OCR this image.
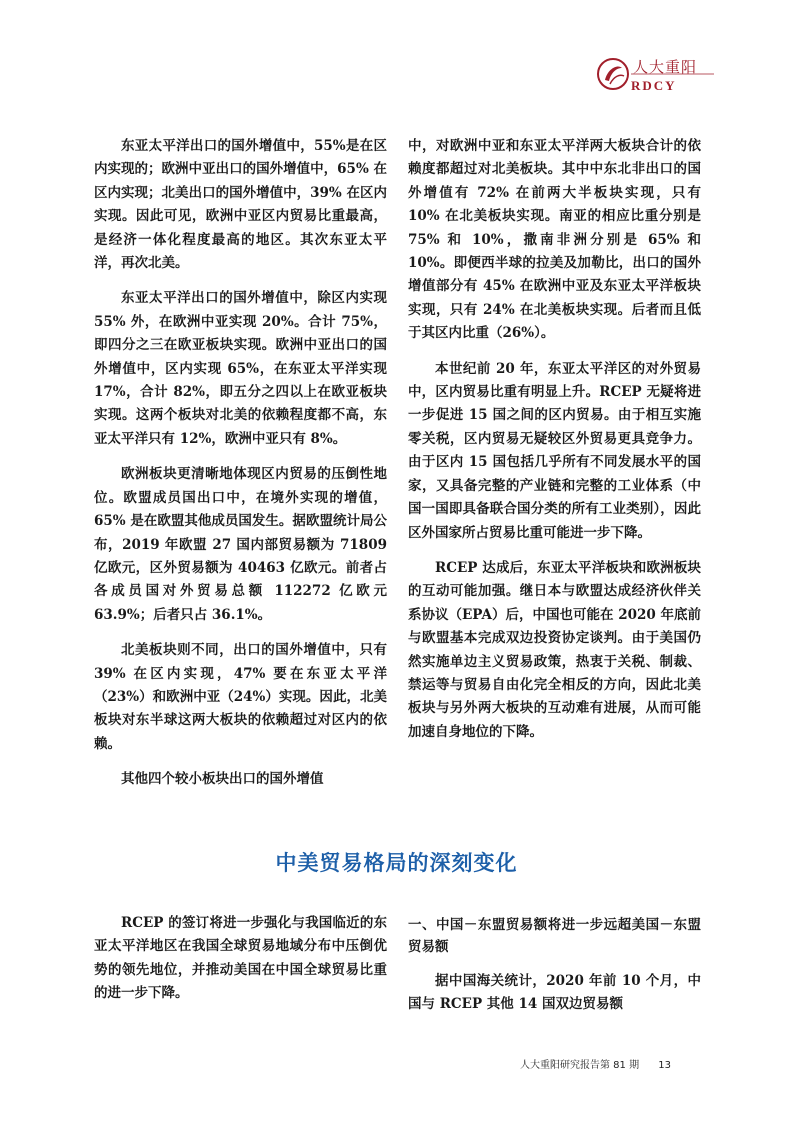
人大重阳
RDCY

东亚太平洋出口的国外增值中，55%是在区内实现的；欧洲中亚出口的国外增值中，65% 在区内实现；北美出口的国外增值中，39% 在区内实现。因此可见，欧洲中亚区内贸易比重最高，是经济一体化程度最高的地区。其次东亚太平洋，再次北美。

东亚太平洋出口的国外增值中，除区内实现 55% 外，在欧洲中亚实现 20%。合计 75%，即四分之三在欧亚板块实现。欧洲中亚出口的国外增值中，区内实现 65%，在东亚太平洋实现 17%，合计 82%，即五分之四以上在欧亚板块实现。这两个板块对北美的依赖程度都不高，东亚太平洋只有 12%，欧洲中亚只有 8%。

欧洲板块更清晰地体现区内贸易的压倒性地位。欧盟成员国出口中，在境外实现的增值，65% 是在欧盟其他成员国发生。据欧盟统计局公布，2019 年欧盟 27 国内部贸易额为 71809 亿欧元，区外贸易额为 40463 亿欧元。前者占各成员国对外贸易总额 112272 亿欧元 63.9%；后者只占 36.1%。

北美板块则不同，出口的国外增值中，只有 39% 在区内实现，47% 要在东亚太平洋（23%）和欧洲中亚（24%）实现。因此，北美板块对东半球这两大板块的依赖超过对区内的依赖。

其他四个较小板块出口的国外增值

中，对欧洲中亚和东亚太平洋两大板块合计的依赖度都超过对北美板块。其中中东北非出口的国外增值有 72% 在前两大半板块实现，只有 10% 在北美板块实现。南亚的相应比重分别是 75% 和 10%，撒南非洲分别是 65% 和 10%。即便西半球的拉美及加勒比，出口的国外增值部分有 45% 在欧洲中亚及东亚太平洋板块实现，只有 24% 在北美板块实现。后者而且低于其区内比重（26%）。

本世纪前 20 年，东亚太平洋区的对外贸易中，区内贸易比重有明显上升。RCEP 无疑将进一步促进 15 国之间的区内贸易。由于相互实施零关税，区内贸易无疑较区外贸易更具竞争力。由于区内 15 国包括几乎所有不同发展水平的国家，又具备完整的产业链和完整的工业体系（中国一国即具备联合国分类的所有工业类别），因此区外国家所占贸易比重可能进一步下降。

RCEP 达成后，东亚太平洋板块和欧洲板块的互动可能加强。继日本与欧盟达成经济伙伴关系协议（EPA）后，中国也可能在 2020 年底前与欧盟基本完成双边投资协定谈判。由于美国仍然实施单边主义贸易政策，热衷于关税、制裁、禁运等与贸易自由化完全相反的方向，因此北美板块与另外两大板块的互动难有进展，从而可能加速自身地位的下降。

中美贸易格局的深刻变化

RCEP 的签订将进一步强化与我国临近的东亚太平洋地区在我国全球贸易地域分布中压倒优势的领先地位，并推动美国在中国全球贸易比重的进一步下降。

一、中国－东盟贸易额将进一步远超美国－东盟贸易额

据中国海关统计，2020 年前 10 个月，中国与 RCEP 其他 14 国双边贸易额

人大重阳研究报告第 81 期 13
